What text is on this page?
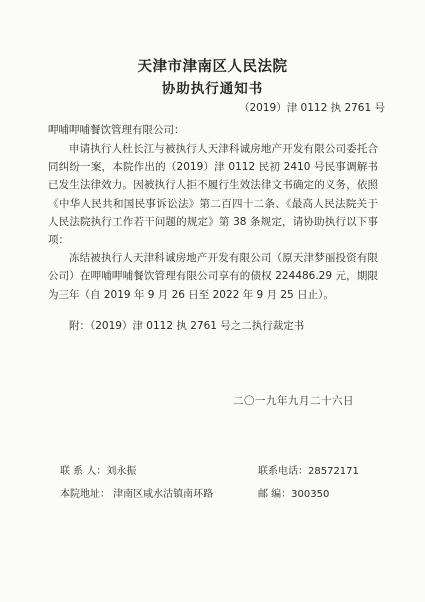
天津市津南区人民法院
协助执行通知书
（2019）津 0112 执 2761 号
呷哺呷哺餐饮管理有限公司：

申请执行人杜长江与被执行人天津科诚房地产开发有限公司委托合同纠纷一案，本院作出的（2019）津 0112 民初 2410 号民事调解书已发生法律效力。因被执行人拒不履行生效法律文书确定的义务，依照《中华人民共和国民事诉讼法》第二百四十二条、《最高人民法院关于人民法院执行工作若干问题的规定》第 38 条规定，请协助执行以下事项：

冻结被执行人天津科诚房地产开发有限公司（原天津梦丽投资有限公司）在呷哺呷哺餐饮管理有限公司享有的债权 224486.29 元，期限为三年（自 2019 年 9 月 26 日至 2022 年 9 月 25 日止）。

附：（2019）津 0112 执 2761 号之二执行裁定书
二〇一九年九月二十六日
联 系 人：刘永振
本院地址： 津南区咸水沽镇南环路
联系电话：28572171
邮 编：300350
